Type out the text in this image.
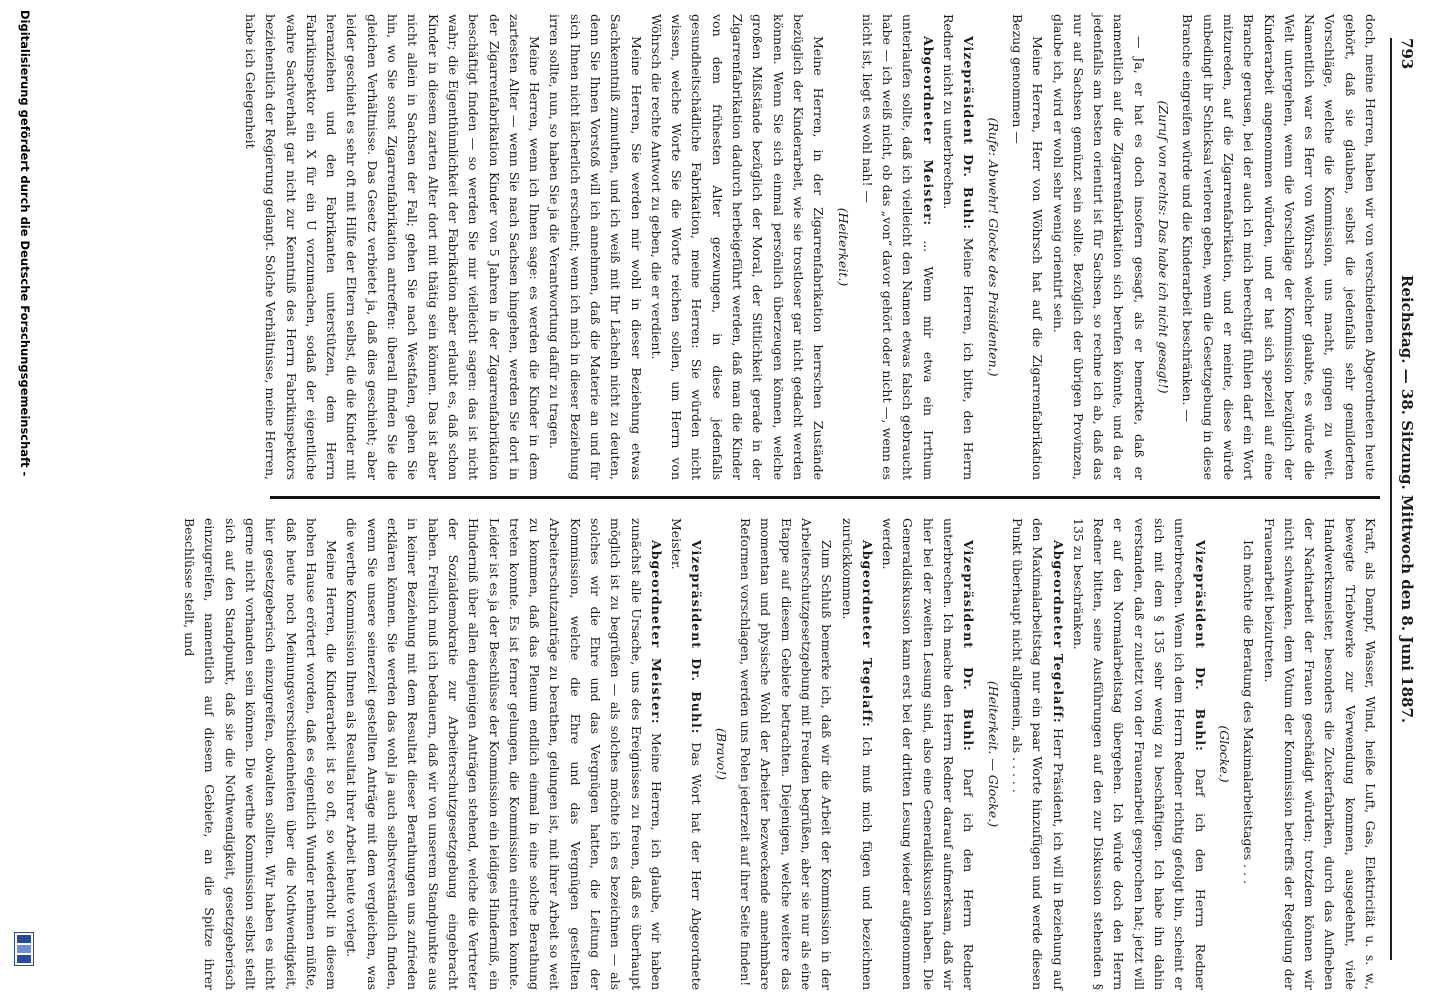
793
Reichstag. — 38. Sitzung. Mittwoch den 8. Juni 1887.

doch, meine Herren, haben wir von verschiedenen Abgeordneten heute gehört, daß sie glauben, selbst die jedenfalls sehr gemilderten Vorschläge, welche die Kommission, uns macht, gingen zu weit. Namentlich war es Herr von Wöhrsch welcher glaubte, es würde die Welt untergehen, wenn die Vorschläge der Kommission bezüglich der Kinderarbeit angenommen würden, und er hat sich speziell auf eine Branche gerusen, bei der auch ich mich berechtigt fühlen darf ein Wort mitzureden, auf die Zigarrenfabrikation, und er meinte, diese würde unbedingt ihr Schicksal verloren geben, wenn die Gesetzgebung in diese Branche eingreifen würde und die Kinderarbeit beschränken. —

(Zuruf von rechts: Das habe ich nicht gesagt!)

— Ja, er hat es doch insofern gesagt, als er bemerkte, daß er namentlich auf die Zigarrenfabrikation sich berufen könnte, und da er jedenfalls am besten orientirt ist für Sachsen, so rechne ich ab, daß das nur auf Sachsen gemünzt sein sollte. Bezüglich der übrigen Provinzen, glaube ich, wird er wohl sehr wenig orientirt sein.

Meine Herren, Herr von Wöhrsch hat auf die Zigarrenfabrikation Bezug genommen —

(Rufe: Abwehr! Glocke des Präsidenten.)

Vizepräsident Dr. Buhl: Meine Herren, ich bitte, den Herrn Redner nicht zu unterbrechen.

Abgeordneter Meister: ... Wenn mir etwa ein Irrthum unterlaufen sollte, daß ich vielleicht den Namen etwas falsch gebraucht habe — ich weiß nicht, ob das „von“ davor gehört oder nicht —, wenn es nicht ist, liegt es wohl nah! —

(Heiterkeit.)

Meine Herren, in der Zigarrenfabrikation herrschen Zustände bezüglich der Kinderarbeit, wie sie trostloser gar nicht gedacht werden können. Wenn Sie sich einmal persönlich überzeugen können, welche großen Mißstände bezüglich der Moral, der Sittlichkeit gerade in der Zigarrenfabrikation dadurch herbeigeführt werden, daß man die Kinder von dem frühesten Alter gezwungen, in diese jedenfalls gesundheitschädliche Fabrikation, meine Herren: Sie würden nicht wissen, welche Worte Sie die Worte reichen sollen, um Herrn von Wöhrsch die rechte Antwort zu geben, die er verdient.

Meine Herren, Sie werden mir wohl in dieser Beziehung etwas Sachkenntniß zumuthen, und ich weiß mit Ihr Lächeln nicht zu deuten, denn Sie Ihnen Vorstoß will ich annehmen, daß die Materie an und für sich Ihnen nicht lächerlich erscheint; wenn ich mich in dieser Beziehung irren sollte, nun, so haben Sie ja die Verantwortung dafür zu tragen.

Meine Herren, wenn ich Ihnen sage: es werden die Kinder in dem zartesten Alter — wenn Sie nach Sachsen hingehen, werden Sie dort in der Zigarrenfabrikation Kinder von 5 Jahren in der Zigarrenfabrikation beschäftigt finden — so werden Sie mir vielleicht sagen: das ist nicht wahr; die Eigenthümlichkeit der Fabrikation aber erlaubt es, daß schon Kinder in diesem zarten Alter dort mit thätig sein können. Das ist aber nicht allein in Sachsen der Fall; gehen Sie nach Westfalen, gehen Sie hin, wo Sie sonst Zigarrenfabrikation antreffen: überall finden Sie die gleichen Verhältnisse. Das Gesetz verbietet ja, daß dies geschieht; aber leider geschieht es sehr oft mit Hilfe der Eltern selbst, die die Kinder mit heranziehen und den Fabrikanten unterstützen, dem Herrn Fabrikinspektor ein X für ein U vorzumachen, sodaß der eigentliche wahre Sachverhalt gar nicht zur Kenntniß des Herrn Fabrikinspektors beziehentlich der Regierung gelangt. Solche Verhältnisse, meine Herren, habe ich Gelegenheit

Kraft, als Dampf, Wasser, Wind, heiße Luft, Gas, Elektricität u. s. w., bewegte Triebwerke zur Verwendung kommen, ausgedehnt, viele Handwerksmeister, besonders die Zuckerfabriken, durch das Aufheben der Nachtarbeit der Frauen geschädigt würden; trotzdem können wir nicht schwanken, dem Votum der Kommission betreffs der Regelung der Frauenarbeit beizutreten.

Ich möchte die Beratung des Maximalarbeitstages . . .

(Glocke.)

Vizepräsident Dr. Buhl: Darf ich den Herrn Redner unterbrechen. Wenn ich dem Herrn Redner richtig gefolgt bin, scheint er sich mit dem § 135 sehr wenig zu beschäftigen. Ich habe ihn dahin verstanden, daß er zuletzt von der Frauenarbeit gesprochen hat; jetzt will er auf den Normalarbeitstag übergehen. Ich würde doch den Herrn Redner bitten, seine Ausführungen auf den zur Diskussion stehenden § 135 zu beschränken.

Abgeordneter Tegelaff: Herr Präsident, ich will in Beziehung auf den Maximalarbeitstag nur ein paar Worte hinzufügen und werde diesen Punkt überhaupt nicht allgemein, als . . . . .

(Heiterkeit. — Glocke.)

Vizepräsident Dr. Buhl: Darf ich den Herrn Redner unterbrechen. Ich mache den Herrn Redner darauf aufmerksam, daß wir hier bei der zweiten Lesung sind, also eine Generaldiskussion haben. Die Generaldiskussion kann erst bei der dritten Lesung wieder aufgenommen werden.

Abgeordneter Tegelaff: Ich muß mich fügen und bezeichnen zurückkommen.

Zum Schluß bemerke ich, daß wir die Arbeit der Kommission in der Arbeiterschutzgesetzgebung mit Freuden begrüßen, aber sie nur als eine Etappe auf diesem Gebiete betrachten. Diejenigen, welche weitere das momentan und physische Wohl der Arbeiter bezweckende annehmbare Reformen vorschlagen, werden uns Polen jederzeit auf ihrer Seite finden!

(Bravo!)

Vizepräsident Dr. Buhl: Das Wort hat der Herr Abgeordnete Meister.

Abgeordneter Meister: Meine Herren, ich glaube, wir haben zunächst alle Ursache, uns des Ereignisses zu freuen, daß es überhaupt möglich ist zu begrüßen — als solches möchte ich es bezeichnen — als solches wir die Ehre und das Vergnügen hatten, die Leitung der Kommission, welche die Ehre und das Vergnügen gestellten Arbeiterschutzanträge zu berathen, gelungen ist, mit ihrer Arbeit so weit zu kommen, daß das Plenum endlich einmal in eine solche Berathung treten konnte. Es ist ferner gelungen, die Kommission eintreten konnte. Leider ist es ja der Beschlüsse der Kommission ein leidiges Hinderniß, ein Hinderniß über allen denjenigen Anträgen stehend, welche die Vertreter der Sozialdemokratie zur Arbeiterschutzgesetzgebung eingebracht haben. Freilich muß ich bedauern, daß wir von unserem Standpunkte aus in keiner Beziehung mit dem Resultat dieser Berathungen uns zufrieden erklären können. Sie werden das wohl ja auch selbstverständlich finden, wenn Sie unsere seinerzeit gestellten Anträge mit dem vergleichen, was die werthe Kommission Ihnen als Resultat ihrer Arbeit heute vorlegt.

Meine Herren, die Kinderarbeit ist so oft, so wiederholt in diesem hohen Hause erörtert worden, daß es eigentlich Wunder nehmen müßte, daß heute noch Meinungsverschiedenheiten über die Nothwendigkeit, hier gesetzgeberisch einzugreifen, obwalten sollten. Wir haben es nicht gerne nicht vorhanden sein können. Die werthe Kommission selbst stellt sich auf den Standpunkt, daß sie die Nothwendigkeit, gesetzgeberisch einzugreifen, namentlich auf diesem Gebiete, an die Spitze ihrer Beschlüsse stellt, und

Digitalisierung gefördert durch die Deutsche Forschungsgemeinschaft -
